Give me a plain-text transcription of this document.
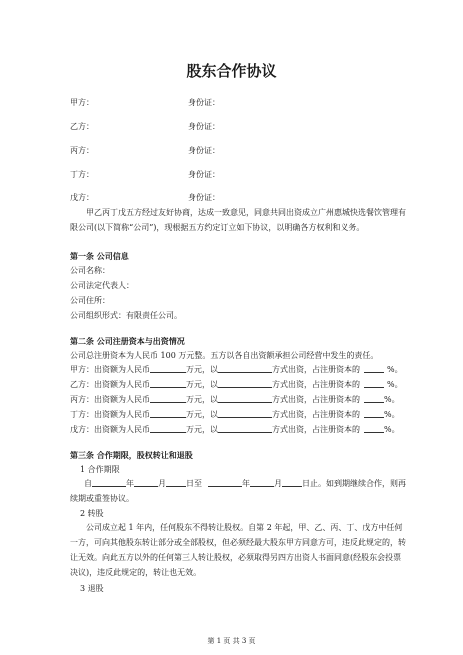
股东合作协议
甲方：	身份证：
乙方：	身份证：
丙方：	身份证：
丁方：	身份证：
戊方：	身份证：
甲乙丙丁戊五方经过友好协商，达成一致意见，同意共同出资成立广州惠城快选餐饮管理有限公司(以下简称“公司”)，现根据五方约定订立如下协议，以明确各方权利和义务。
第一条 公司信息
公司名称：
公司法定代表人：
公司住所：
公司组织形式：有限责任公司。
第二条 公司注册资本与出资情况
公司总注册资本为人民币 100 万元整。五方以各自出资额承担公司经营中发生的责任。
甲方：出资额为人民币	万元，以	方式出资，占注册资本的	%。
乙方：出资额为人民币	万元，以	方式出资，占注册资本的	%。
丙方：出资额为人民币	万元，以	方式出资，占注册资本的	%。
丁方：出资额为人民币	万元，以	方式出资，占注册资本的	%。
戊方：出资额为人民币	万元，以	方式出资，占注册资本的	%。
第三条 合作期限，股权转让和退股
1 合作期限
自	年	月	日至	年	月	日止。如到期继续合作，则再续期或重签协议。
2 转股
公司成立起 1 年内，任何股东不得转让股权。自第 2 年起，甲、乙、丙、丁、戊方中任何一方，可向其他股东转让部分或全部股权，但必须经最大股东甲方同意方可，违反此规定的，转让无效。向此五方以外的任何第三人转让股权，必须取得另四方出资人书面同意(经股东会投票决议)，违反此规定的，转让也无效。
3 退股
第 1 页 共 3 页
